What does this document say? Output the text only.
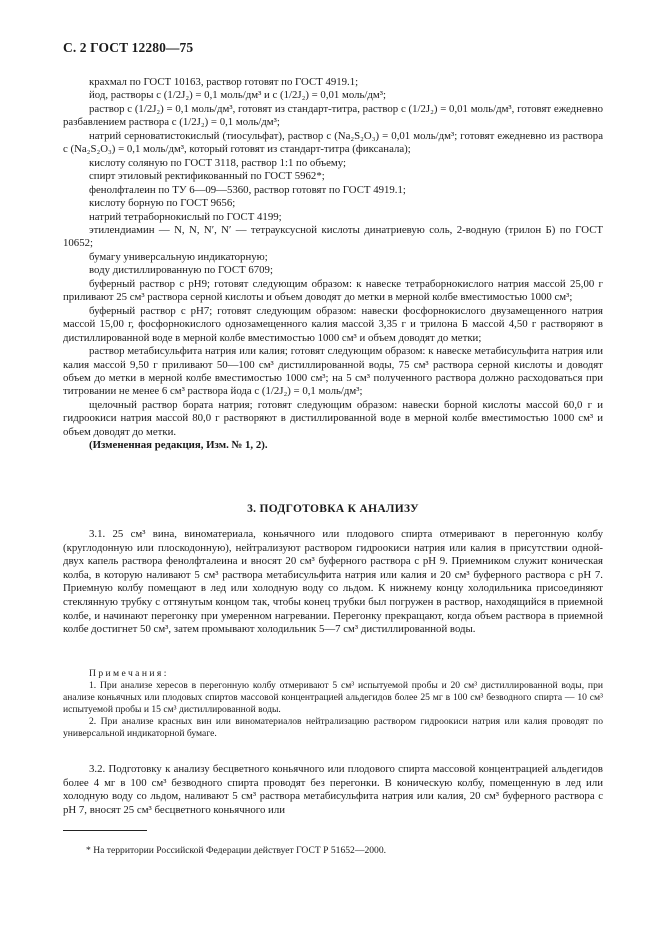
С. 2 ГОСТ 12280—75

крахмал по ГОСТ 10163, раствор готовят по ГОСТ 4919.1;

йод, растворы c (1/2J₂) = 0,1 моль/дм³ и c (1/2J₂) = 0,01 моль/дм³;

раствор c (1/2J₂) = 0,1 моль/дм³, готовят из стандарт-титра, раствор c (1/2J₂) = 0,01 моль/дм³, готовят ежедневно разбавлением раствора c (1/2J₂) = 0,1 моль/дм³;

натрий серноватистокислый (тиосульфат), раствор c (Na₂S₂O₃) = 0,01 моль/дм³; готовят ежедневно из раствора c (Na₂S₂O₃) = 0,1 моль/дм³, который готовят из стандарт-титра (фиксанала);

кислоту соляную по ГОСТ 3118, раствор 1:1 по объему;

спирт этиловый ректификованный по ГОСТ 5962*;

фенолфталеин по ТУ 6—09—5360, раствор готовят по ГОСТ 4919.1;

кислоту борную по ГОСТ 9656;

натрий тетраборнокислый по ГОСТ 4199;

этилендиамин — N, N, N′, N′ — тетрауксусной кислоты динатриевую соль, 2-водную (трилон Б) по ГОСТ 10652;

бумагу универсальную индикаторную;

воду дистиллированную по ГОСТ 6709;

буферный раствор с pH9; готовят следующим образом: к навеске тетраборнокислого натрия массой 25,00 г приливают 25 см³ раствора серной кислоты и объем доводят до метки в мерной колбе вместимостью 1000 см³;

буферный раствор с pH7; готовят следующим образом: навески фосфорнокислого двузамещенного натрия массой 15,00 г, фосфорнокислого однозамещенного калия массой 3,35 г и трилона Б массой 4,50 г растворяют в дистиллированной воде в мерной колбе вместимостью 1000 см³ и объем доводят до метки;

раствор метабисульфита натрия или калия; готовят следующим образом: к навеске метабисульфита натрия или калия массой 9,50 г приливают 50—100 см³ дистиллированной воды, 75 см³ раствора серной кислоты и доводят объем до метки в мерной колбе вместимостью 1000 см³; на 5 см³ полученного раствора должно расходоваться при титровании не менее 6 см³ раствора йода c (1/2J₂) = 0,1 моль/дм³;

щелочный раствор бората натрия; готовят следующим образом: навески борной кислоты массой 60,0 г и гидроокиси натрия массой 80,0 г растворяют в дистиллированной воде в мерной колбе вместимостью 1000 см³ и объем доводят до метки.

(Измененная редакция, Изм. № 1, 2).

3. ПОДГОТОВКА К АНАЛИЗУ

3.1. 25 см³ вина, виноматериала, коньячного или плодового спирта отмеривают в перегонную колбу (круглодонную или плоскодонную), нейтрализуют раствором гидроокиси натрия или калия в присутствии одной-двух капель раствора фенолфталеина и вносят 20 см³ буферного раствора с pH 9. Приемником служит коническая колба, в которую наливают 5 см³ раствора метабисульфита натрия или калия и 20 см³ буферного раствора с pH 7. Приемную колбу помещают в лед или холодную воду со льдом. К нижнему концу холодильника присоединяют стеклянную трубку с оттянутым концом так, чтобы конец трубки был погружен в раствор, находящийся в приемной колбе, и начинают перегонку при умеренном нагревании. Перегонку прекращают, когда объем раствора в приемной колбе достигнет 50 см³, затем промывают холодильник 5—7 см³ дистиллированной воды.

Примечания:

1. При анализе хересов в перегонную колбу отмеривают 5 см³ испытуемой пробы и 20 см³ дистиллированной воды, при анализе коньячных или плодовых спиртов массовой концентрацией альдегидов более 25 мг в 100 см³ безводного спирта — 10 см³ испытуемой пробы и 15 см³ дистиллированной воды.

2. При анализе красных вин или виноматериалов нейтрализацию раствором гидроокиси натрия или калия проводят по универсальной индикаторной бумаге.

3.2. Подготовку к анализу бесцветного коньячного или плодового спирта массовой концентрацией альдегидов более 4 мг в 100 см³ безводного спирта проводят без перегонки. В коническую колбу, помещенную в лед или холодную воду со льдом, наливают 5 см³ раствора метабисульфита натрия или калия, 20 см³ буферного раствора с pH 7, вносят 25 см³ бесцветного коньячного или

* На территории Российской Федерации действует ГОСТ Р 51652—2000.
